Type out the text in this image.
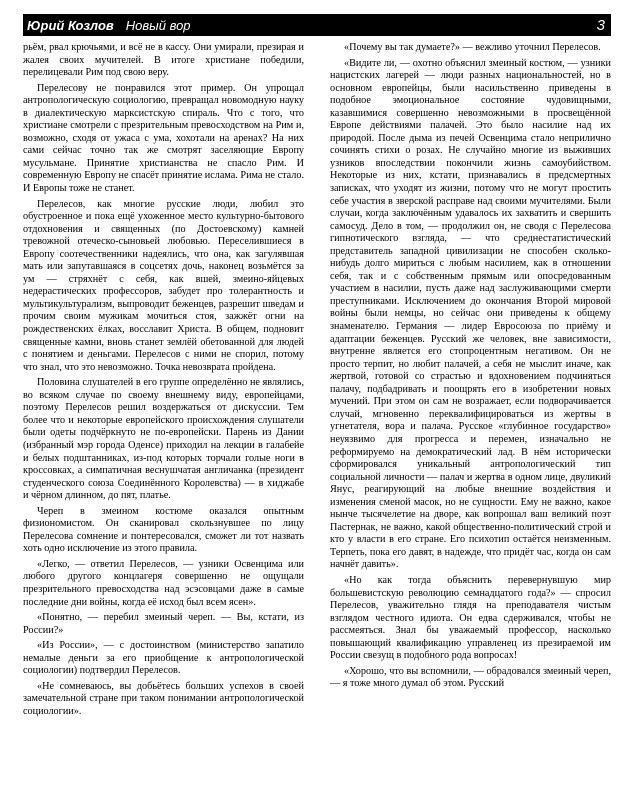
Юрий Козлов Новый вор	3

рьём, рвал крючьями, и всё не в кассу. Они умирали, презирая и жалея своих мучителей. В итоге христиане победили, перелицевали Рим под свою веру.

Перелесову не понравился этот пример. Он упрощал антропологическую социологию, превращал новомодную науку в диалектическую марксистскую спираль. Что с того, что христиане смотрели с презрительным превосходством на Рим и, возможно, сходя от ужаса с ума, хохотали на аренах? На них сами сейчас точно так же смотрят заселяющие Европу мусульмане. Принятие христианства не спасло Рим. И современную Европу не спасёт принятие ислама. Рима не стало. И Европы тоже не станет.

Перелесов, как многие русские люди, любил это обустроенное и пока ещё ухоженное место культурно-бытового отдохновения и священных (по Достоевскому) камней тревожной отеческо-сыновьей любовью. Переселившиеся в Европу соотечественники надеялись, что она, как загулявшая мать или запутавшаяся в соцсетях дочь, наконец возьмётся за ум — стряхнёт с себя, как вшей, змеино-яйцевых недерастических профессоров, забудет про толерантность и мультикультурализм, выпроводит беженцев, разрешит шведам и прочим своим мужикам мочиться стоя, зажжёт огни на рождественских ёлках, восславит Христа. В общем, подновит священные камни, вновь станет землёй обетованной для людей с понятием и деньгами. Перелесов с ними не спорил, потому что знал, что это невозможно. Точка невозврата пройдена.

Половина слушателей в его группе определённо не являлись, во всяком случае по своему внешнему виду, европейцами, поэтому Перелесов решил воздержаться от дискуссии. Тем более что и некоторые европейского происхождения слушатели были одеты подчёркнуто не по-европейски. Парень из Дании (избранный мэр города Оденсе) приходил на лекции в галабейе и белых подштанниках, из-под которых торчали голые ноги в кроссовках, а симпатичная веснушчатая англичанка (президент студенческого союза Соединённого Королевства) — в хиджабе и чёрном длинном, до пят, платье.

Череп в змеином костюме оказался опытным физиономистом. Он сканировал скользнувшее по лицу Перелесова сомнение и понтересовался, сможет ли тот назвать хоть одно исключение из этого правила.

«Легко, — ответил Перелесов, — узники Освенцима или любого другого концлагеря совершенно не ощущали презрительного превосходства над эсэсовцами даже в самые последние дни войны, когда её исход был всем ясен».

«Понятно, — перебил змеиный череп. — Вы, кстати, из России?»

«Из России», — с достоинством (министерство запатило немалые деньги за его приобщение к антропологической социологии) подтвердил Перелесов.

«Не сомневаюсь, вы добьётесь больших успехов в своей замечательной стране при таком понимании антропологической социологии».

«Почему вы так думаете?» — вежливо уточнил Перелесов.

«Видите ли, — охотно объяснил змеиный костюм, — узники нацистских лагерей — люди разных национальностей, но в основном европейцы, были насильственно приведены в подобное эмоциональное состояние чудовищными, казавшимися совершенно невозможными в просвещённой Европе действиями палачей. Это было насилие над их природой. После дыма из печей Освенцима стало неприлично сочинять стихи о розах. Не случайно многие из выживших узников впоследствии покончили жизнь самоубийством. Некоторые из них, кстати, признавались в предсмертных записках, что уходят из жизни, потому что не могут простить себе участия в зверской расправе над своими мучителями. Были случаи, когда заключённым удавалось их захватить и свершить самосуд. Дело в том, — продолжил он, не сводя с Перелесова гипнотического взгляда, — что среднестатистический представитель западной цивилизации не способен сколько-нибудь долго мириться с любым насилием, как в отношении себя, так и с собственным прямым или опосредованным участием в насилии, пусть даже над заслуживающими смерти преступниками. Исключением до окончания Второй мировой войны были немцы, но сейчас они приведены к общему знаменателю. Германия — лидер Евросоюза по приёму и адаптации беженцев. Русский же человек, вне зависимости, внутренне является его стопроцентным негативом. Он не просто терпит, но любит палачей, а себя не мыслит иначе, как жертвой, готовой со страстью и вдохновением подчиняться палачу, подбадривать и поощрять его в изобретении новых мучений. При этом он сам не возражает, если подворачивается случай, мгновенно переквалифицироваться из жертвы в угнетателя, вора и палача. Русское «глубинное государство» неуязвимо для прогресса и перемен, изначально не реформируемо на демократический лад. В нём исторически сформировался уникальный антропологический тип социальной личности — палач и жертва в одном лице, двуликий Янус, реагирующий на любые внешние воздействия и изменения сменой масок, но не сущности. Ему не важно, какое нынче тысячелетие на дворе, как вопрошал ваш великий поэт Пастернак, не важно, какой общественно-политический строй и кто у власти в его стране. Его психотип остаётся неизменным. Терпеть, пока его давят, в надежде, что придёт час, когда он сам начнёт давить».

«Но как тогда объяснить перевернувшую мир большевистскую революцию семнадцатого года?» — спросил Перелесов, уважительно глядя на преподавателя чистым взглядом честного идиота. Он едва сдерживался, чтобы не рассмеяться. Знал бы уважаемый профессор, насколько повышающий квалификацию управленец из презираемой им России свезущ в подобного рода вопросах!

«Хорошо, что вы вспомнили, — обрадовался змеиный череп, — я тоже много думал об этом. Русский
